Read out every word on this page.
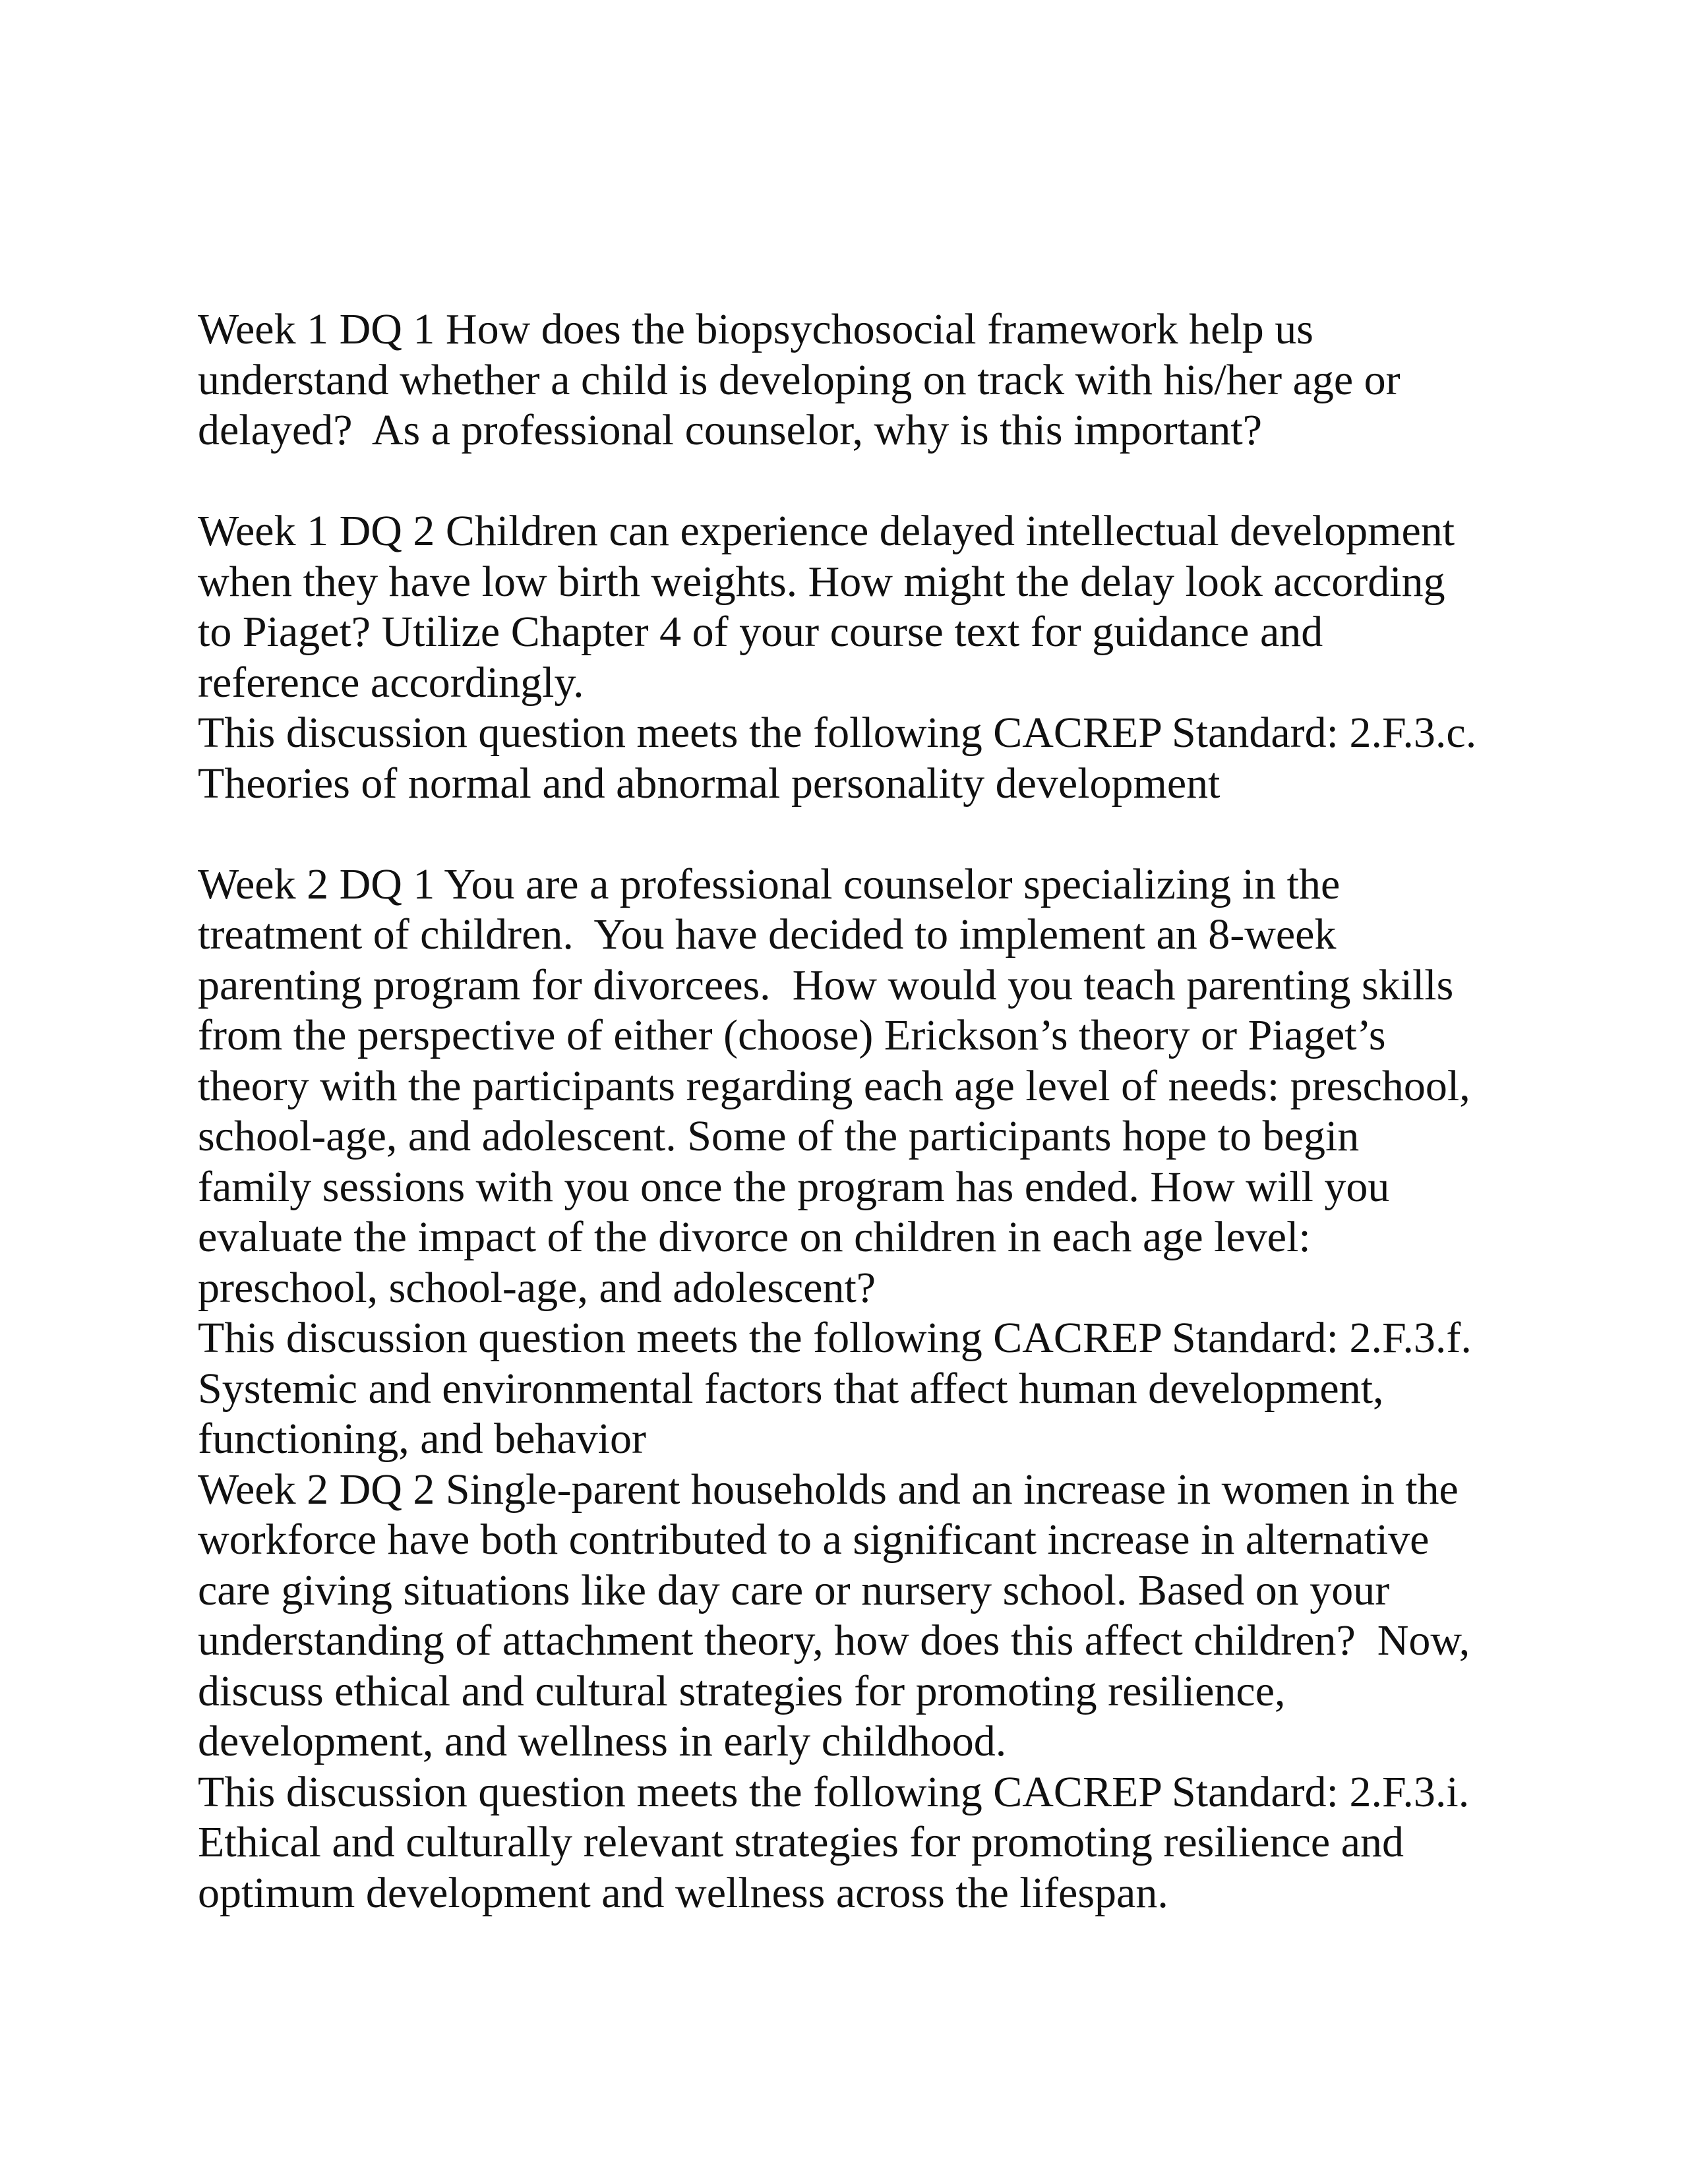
Week 1 DQ 1 How does the biopsychosocial framework help us
understand whether a child is developing on track with his/her age or
delayed?  As a professional counselor, why is this important?
Week 1 DQ 2 Children can experience delayed intellectual development
when they have low birth weights. How might the delay look according
to Piaget? Utilize Chapter 4 of your course text for guidance and
reference accordingly.
This discussion question meets the following CACREP Standard: 2.F.3.c.
Theories of normal and abnormal personality development
Week 2 DQ 1 You are a professional counselor specializing in the
treatment of children.  You have decided to implement an 8-week
parenting program for divorcees.  How would you teach parenting skills
from the perspective of either (choose) Erickson’s theory or Piaget’s
theory with the participants regarding each age level of needs: preschool,
school-age, and adolescent. Some of the participants hope to begin
family sessions with you once the program has ended. How will you
evaluate the impact of the divorce on children in each age level:
preschool, school-age, and adolescent?
This discussion question meets the following CACREP Standard: 2.F.3.f.
Systemic and environmental factors that affect human development,
functioning, and behavior
Week 2 DQ 2 Single-parent households and an increase in women in the
workforce have both contributed to a significant increase in alternative
care giving situations like day care or nursery school. Based on your
understanding of attachment theory, how does this affect children?  Now,
discuss ethical and cultural strategies for promoting resilience,
development, and wellness in early childhood.
This discussion question meets the following CACREP Standard: 2.F.3.i.
Ethical and culturally relevant strategies for promoting resilience and
optimum development and wellness across the lifespan.
